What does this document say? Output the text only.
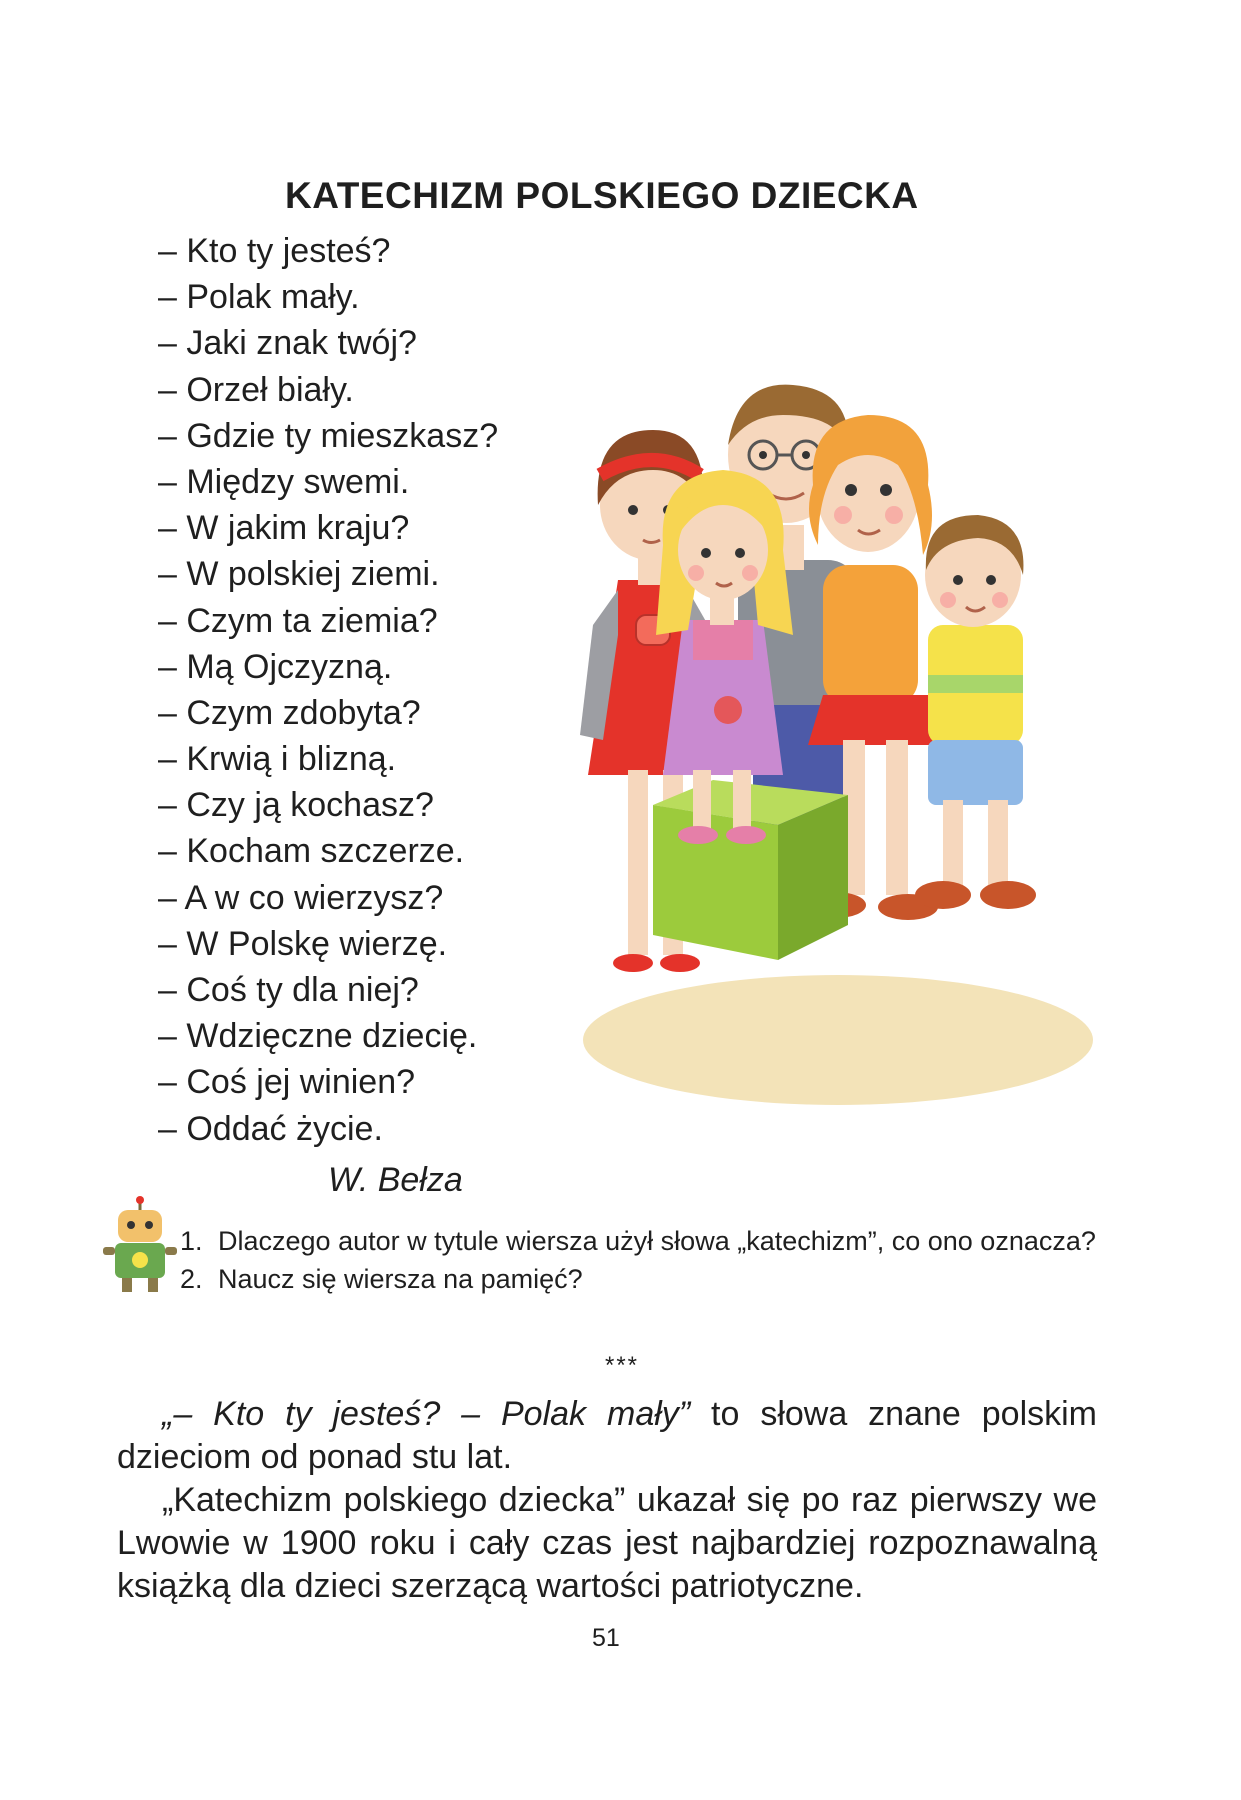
KATECHIZM POLSKIEGO DZIECKA
– Kto ty jesteś?
– Polak mały.
– Jaki znak twój?
– Orzeł biały.
– Gdzie ty mieszkasz?
– Między swemi.
– W jakim kraju?
– W polskiej ziemi.
– Czym ta ziemia?
– Mą Ojczyzną.
– Czym zdobyta?
– Krwią i blizną.
– Czy ją kochasz?
– Kocham szczerze.
– A w co wierzysz?
– W Polskę wierzę.
– Coś ty dla niej?
– Wdzięczne dziecię.
– Coś jej winien?
– Oddać życie.
W. Bełza
1. Dlaczego autor w tytule wiersza użył słowa „katechizm”, co ono oznacza?
2. Naucz się wiersza na pamięć?
***

„– Kto ty jesteś? – Polak mały” to słowa znane polskim dzieciom od ponad stu lat.

„Katechizm polskiego dziecka” ukazał się po raz pierwszy we Lwowie w 1900 roku i cały czas jest najbardziej rozpoznawalną książką dla dzieci szerzącą wartości patriotyczne.

51
